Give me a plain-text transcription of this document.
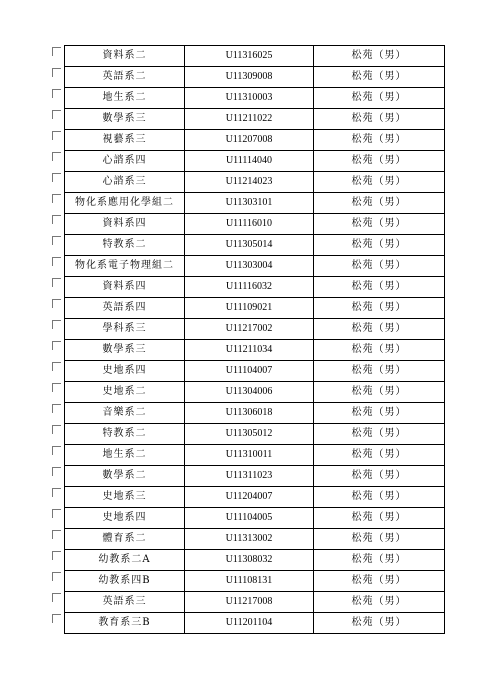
資料系二	U11316025	松苑（男）
英語系二	U11309008	松苑（男）
地生系二	U11310003	松苑（男）
數學系三	U11211022	松苑（男）
視藝系三	U11207008	松苑（男）
心諮系四	U11114040	松苑（男）
心諮系三	U11214023	松苑（男）
物化系應用化學組二	U11303101	松苑（男）
資料系四	U11116010	松苑（男）
特教系二	U11305014	松苑（男）
物化系電子物理組二	U11303004	松苑（男）
資料系四	U11116032	松苑（男）
英語系四	U11109021	松苑（男）
學科系三	U11217002	松苑（男）
數學系三	U11211034	松苑（男）
史地系四	U11104007	松苑（男）
史地系二	U11304006	松苑（男）
音樂系二	U11306018	松苑（男）
特教系二	U11305012	松苑（男）
地生系二	U11310011	松苑（男）
數學系二	U11311023	松苑（男）
史地系三	U11204007	松苑（男）
史地系四	U11104005	松苑（男）
體育系二	U11313002	松苑（男）
幼教系二A	U11308032	松苑（男）
幼教系四B	U11108131	松苑（男）
英語系三	U11217008	松苑（男）
教育系三B	U11201104	松苑（男）
